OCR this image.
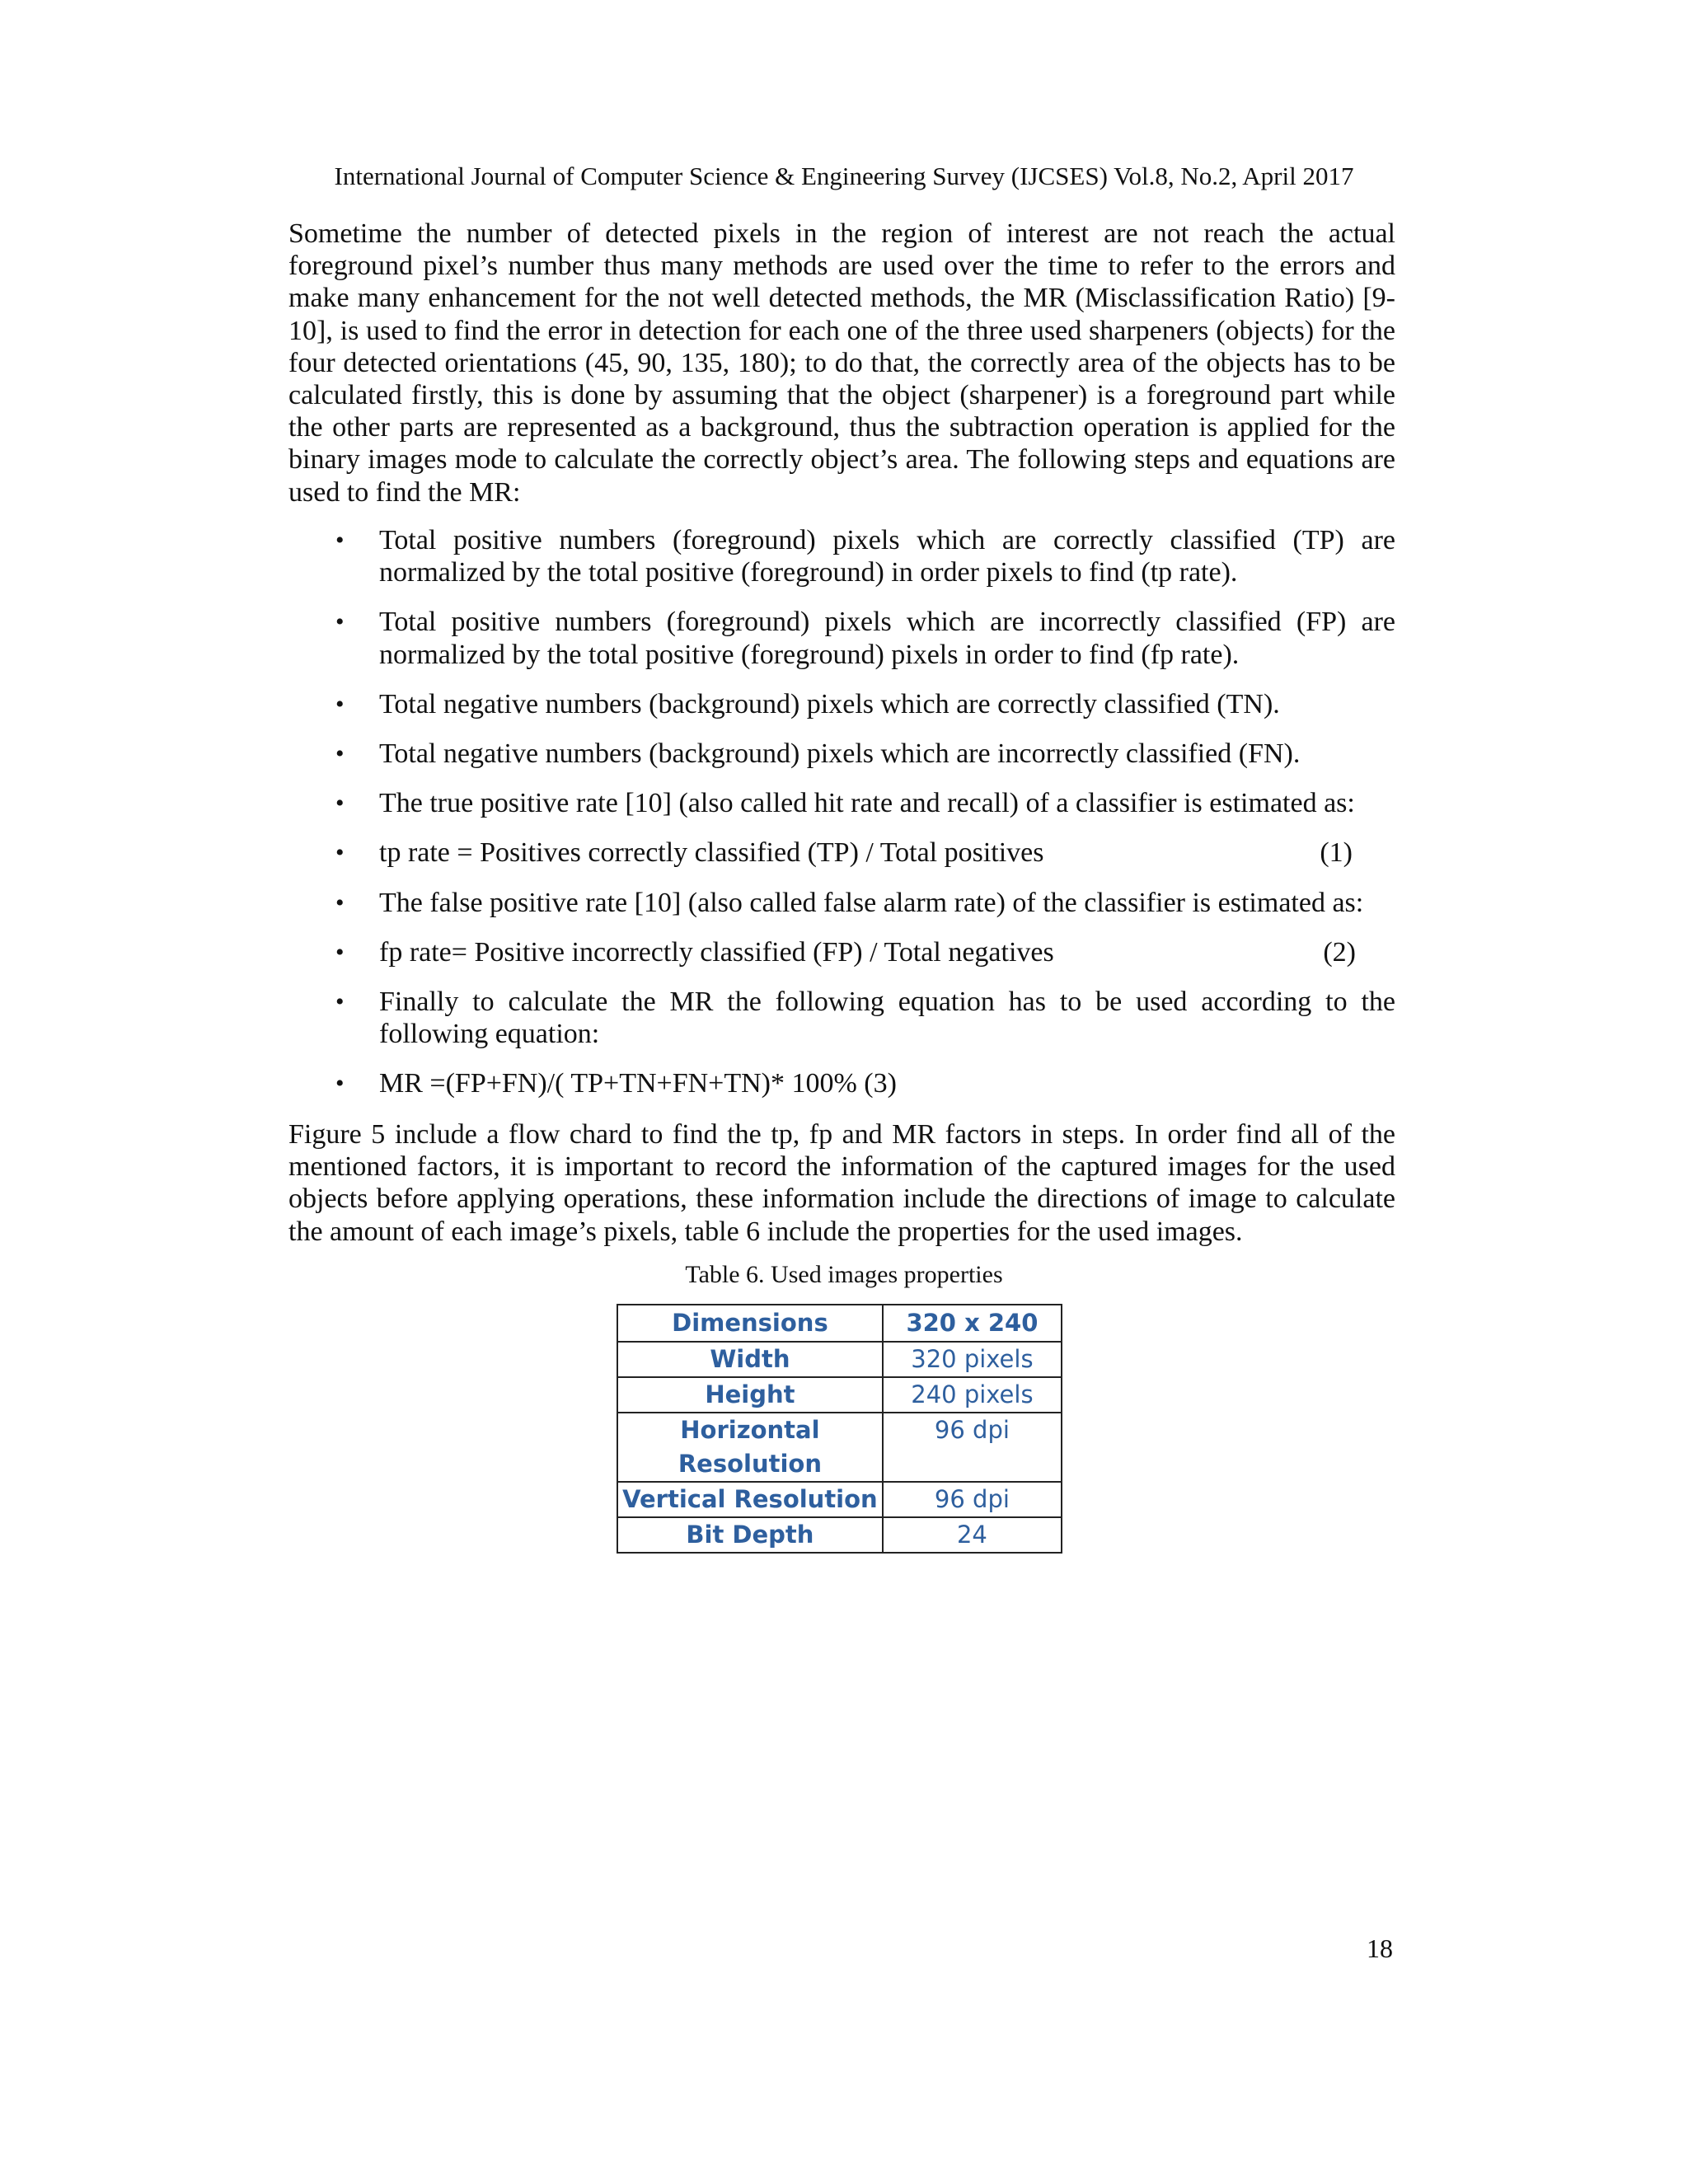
International Journal of Computer Science & Engineering Survey (IJCSES) Vol.8, No.2, April 2017
Sometime the number of detected pixels in the region of interest are not reach the actual foreground pixel’s number thus many methods are used over the time to refer to the errors and make many enhancement for the not well detected methods, the MR (Misclassification Ratio) [9-10], is used to find the error in detection for each one of the three used sharpeners (objects) for the four detected orientations (45, 90, 135, 180); to do that, the correctly area of the objects has to be calculated firstly, this is done by assuming that the object (sharpener) is a foreground part while the other parts are represented as a background, thus the subtraction operation is applied for the binary images mode to calculate the correctly object’s area. The following steps and equations are used to find the MR:
• Total positive numbers (foreground) pixels which are correctly classified (TP) are normalized by the total positive (foreground) in order pixels to find (tp rate).
• Total positive numbers (foreground) pixels which are incorrectly classified (FP) are normalized by the total positive (foreground) pixels in order to find (fp rate).
• Total negative numbers (background) pixels which are correctly classified (TN).
• Total negative numbers (background) pixels which are incorrectly classified (FN).
• The true positive rate [10] (also called hit rate and recall) of a classifier is estimated as:
• tp rate = Positives correctly classified (TP) / Total positives	(1)
• The false positive rate [10] (also called false alarm rate) of the classifier is estimated as:
• fp rate= Positive incorrectly classified (FP) / Total negatives	(2)
• Finally to calculate the MR the following equation has to be used according to the following equation:
• MR =(FP+FN)/( TP+TN+FN+TN)* 100% (3)
Figure 5 include a flow chard to find the tp, fp and MR factors in steps. In order find all of the mentioned factors, it is important to record the information of the captured images for the used objects before applying operations, these information include the directions of image to calculate the amount of each image’s pixels, table 6 include the properties for the used images.
Table 6. Used images properties
Dimensions	320 x 240
Width	320 pixels
Height	240 pixels
Horizontal Resolution	96 dpi
Vertical Resolution	96 dpi
Bit Depth	24
18
